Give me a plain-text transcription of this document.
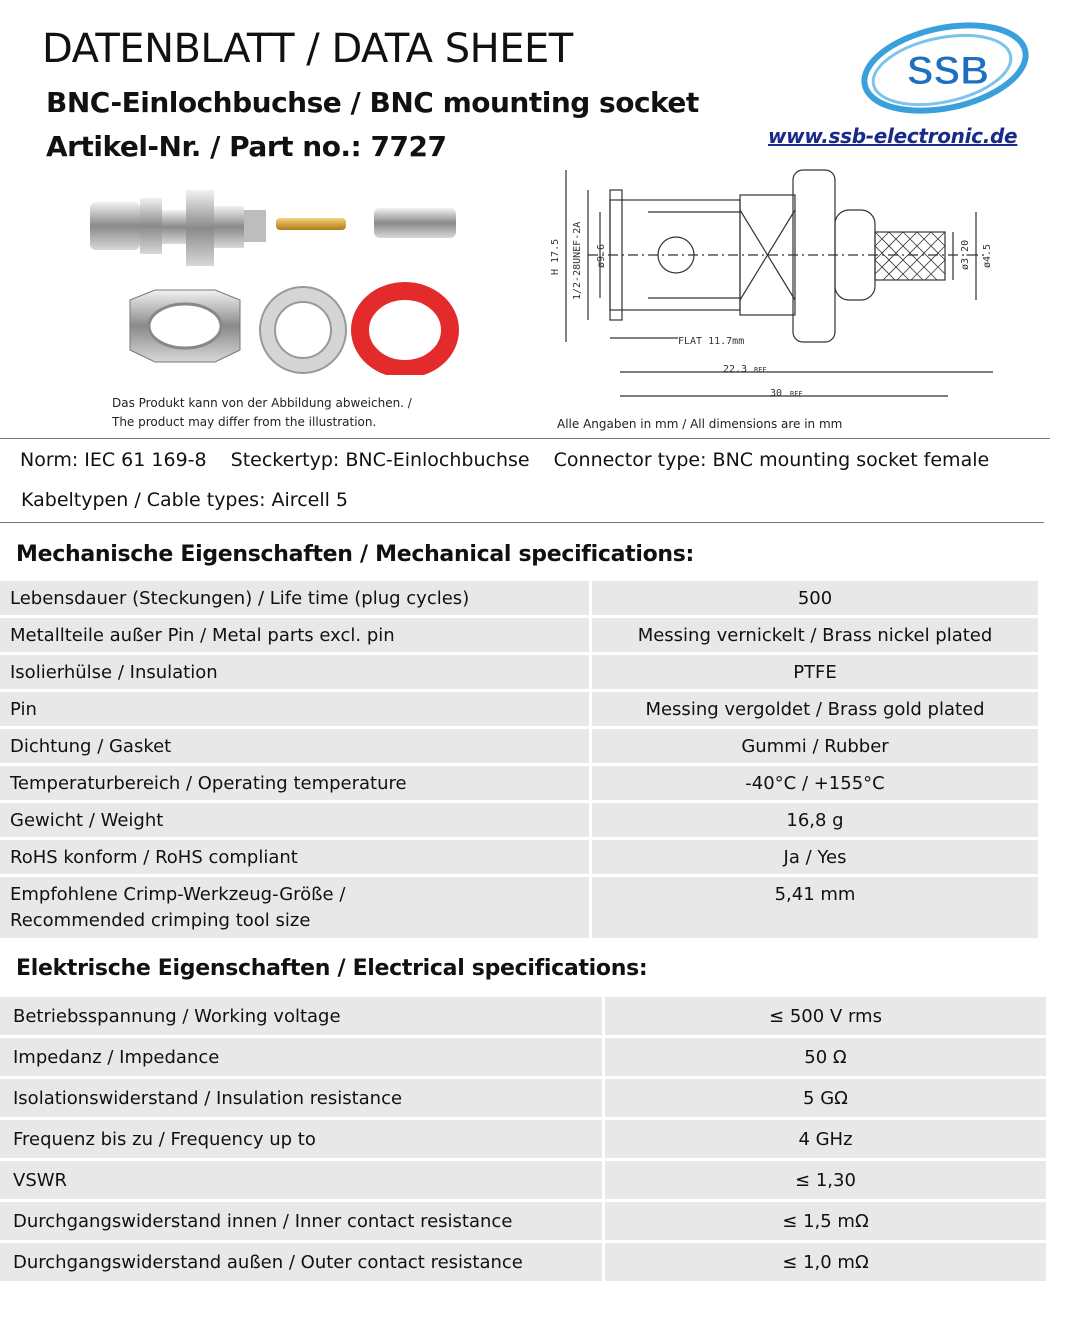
DATENBLATT / DATA SHEET
BNC-Einlochbuchse / BNC mounting socket
Artikel-Nr. / Part no.: 7727
SSB
www.ssb-electronic.de
Das Produkt kann von der Abbildung abweichen. /
The product may differ from the illustration.
H 17.5 1/2-28UNEF-2A ø9.6
FLAT 11.7mm
22.3 REF
30 REF
ø3.20 ø4.5
Alle Angaben in mm / All dimensions are in mm
Norm: IEC 61 169-8 Steckertyp: BNC-Einlochbuchse Connector type: BNC mounting socket female
Kabeltypen / Cable types: Aircell 5
Mechanische Eigenschaften / Mechanical specifications:
Lebensdauer (Steckungen) / Life time (plug cycles)	500
Metallteile außer Pin / Metal parts excl. pin	Messing vernickelt / Brass nickel plated
Isolierhülse / Insulation	PTFE
Pin	Messing vergoldet / Brass gold plated
Dichtung / Gasket	Gummi / Rubber
Temperaturbereich / Operating temperature	-40°C / +155°C
Gewicht / Weight	16,8 g
RoHS konform / RoHS compliant	Ja / Yes

Empfohlene Crimp-Werkzeug-Größe /
Recommended crimping tool size	5,41 mm
Elektrische Eigenschaften / Electrical specifications:
Betriebsspannung / Working voltage	≤ 500 V rms
Impedanz / Impedance	50 Ω
Isolationswiderstand / Insulation resistance	5 GΩ
Frequenz bis zu / Frequency up to	4 GHz
VSWR	≤ 1,30
Durchgangswiderstand innen / Inner contact resistance	≤ 1,5 mΩ
Durchgangswiderstand außen / Outer contact resistance	≤ 1,0 mΩ
